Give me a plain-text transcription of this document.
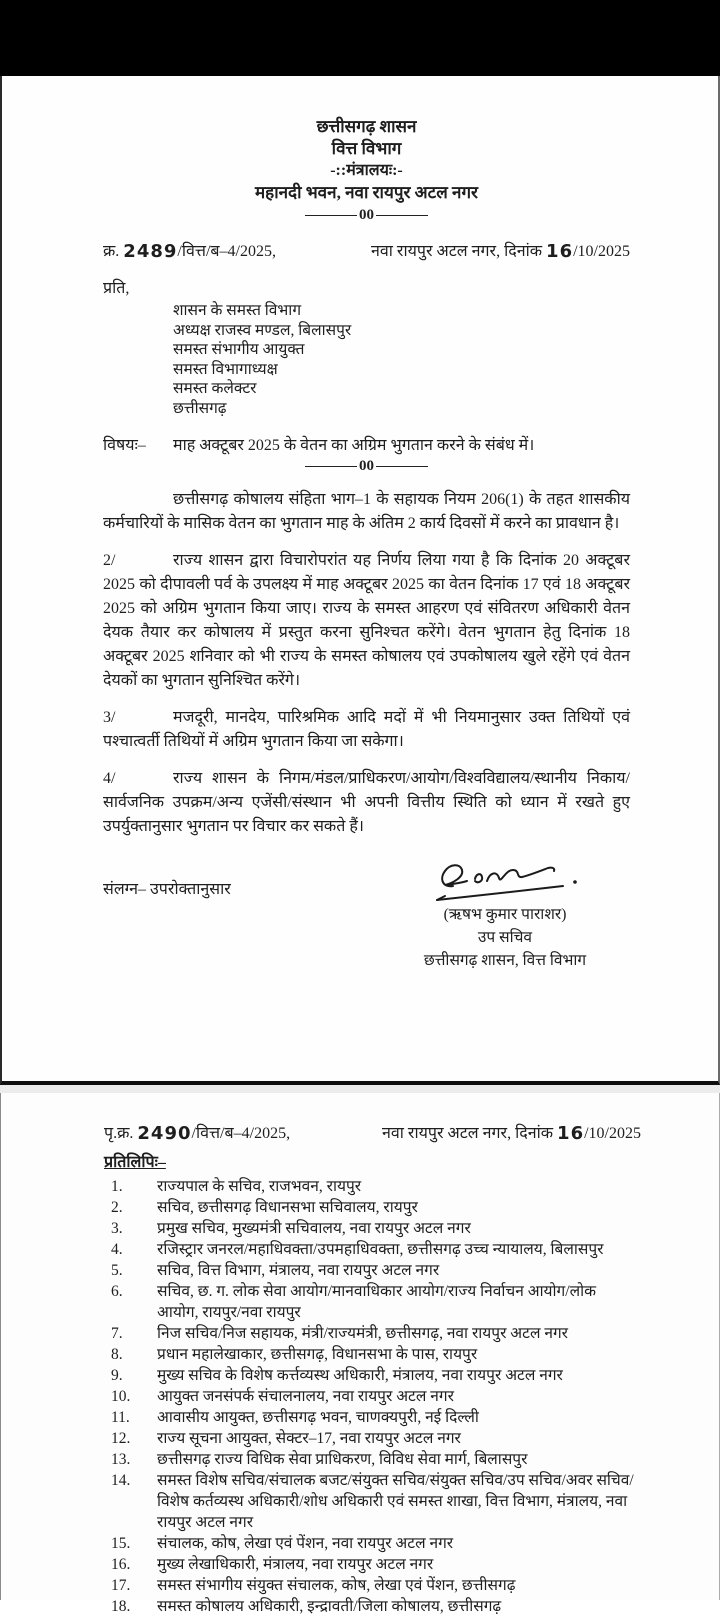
छत्तीसगढ़ शासन
वित्त विभाग
-::मंत्रालयः:-
महानदी भवन, नवा रायपुर अटल नगर
00
क्र. 2489/वित्त/ब–4/2025,	नवा रायपुर अटल नगर, दिनांक 16/10/2025
प्रति,
शासन के समस्त विभाग
अध्यक्ष राजस्व मण्डल, बिलासपुर
समस्त संभागीय आयुक्त
समस्त विभागाध्यक्ष
समस्त कलेक्टर
छत्तीसगढ़
विषयः–	माह अक्टूबर 2025 के वेतन का अग्रिम भुगतान करने के संबंध में।
00
छत्तीसगढ़ कोषालय संहिता भाग–1 के सहायक नियम 206(1) के तहत शासकीय कर्मचारियों के मासिक वेतन का भुगतान माह के अंतिम 2 कार्य दिवसों में करने का प्रावधान है।
2/	राज्य शासन द्वारा विचारोपरांत यह निर्णय लिया गया है कि दिनांक 20 अक्टूबर 2025 को दीपावली पर्व के उपलक्ष्य में माह अक्टूबर 2025 का वेतन दिनांक 17 एवं 18 अक्टूबर 2025 को अग्रिम भुगतान किया जाए। राज्य के समस्त आहरण एवं संवितरण अधिकारी वेतन देयक तैयार कर कोषालय में प्रस्तुत करना सुनिश्चत करेंगे। वेतन भुगतान हेतु दिनांक 18 अक्टूबर 2025 शनिवार को भी राज्य के समस्त कोषालय एवं उपकोषालय खुले रहेंगे एवं वेतन देयकों का भुगतान सुनिश्चित करेंगे।
3/	मजदूरी, मानदेय, पारिश्रमिक आदि मदों में भी नियमानुसार उक्त तिथियों एवं पश्चात्वर्ती तिथियों में अग्रिम भुगतान किया जा सकेगा।
4/	राज्य शासन के निगम/मंडल/प्राधिकरण/आयोग/विश्वविद्यालय/स्थानीय निकाय/सार्वजनिक उपक्रम/अन्य एजेंसी/संस्थान भी अपनी वित्तीय स्थिति को ध्यान में रखते हुए उपर्युक्तानुसार भुगतान पर विचार कर सकते हैं।
संलग्न– उपरोक्तानुसार
(ऋषभ कुमार पाराशर)
उप सचिव
छत्तीसगढ़ शासन, वित्त विभाग
पृ.क्र. 2490/वित्त/ब–4/2025,	नवा रायपुर अटल नगर, दिनांक 16/10/2025
प्रतिलिपिः–
1.	राज्यपाल के सचिव, राजभवन, रायपुर
2.	सचिव, छत्तीसगढ़ विधानसभा सचिवालय, रायपुर
3.	प्रमुख सचिव, मुख्यमंत्री सचिवालय, नवा रायपुर अटल नगर
4.	रजिस्ट्रार जनरल/महाधिवक्ता/उपमहाधिवक्ता, छत्तीसगढ़ उच्च न्यायालय, बिलासपुर
5.	सचिव, वित्त विभाग, मंत्रालय, नवा रायपुर अटल नगर
6.	सचिव, छ. ग. लोक सेवा आयोग/मानवाधिकार आयोग/राज्य निर्वाचन आयोग/लोक आयोग, रायपुर/नवा रायपुर
7.	निज सचिव/निज सहायक, मंत्री/राज्यमंत्री, छत्तीसगढ़, नवा रायपुर अटल नगर
8.	प्रधान महालेखाकार, छत्तीसगढ़, विधानसभा के पास, रायपुर
9.	मुख्य सचिव के विशेष कर्त्तव्यस्थ अधिकारी, मंत्रालय, नवा रायपुर अटल नगर
10.	आयुक्त जनसंपर्क संचालनालय, नवा रायपुर अटल नगर
11.	आवासीय आयुक्त, छत्तीसगढ़ भवन, चाणक्यपुरी, नई दिल्ली
12.	राज्य सूचना आयुक्त, सेक्टर–17, नवा रायपुर अटल नगर
13.	छत्तीसगढ़ राज्य विधिक सेवा प्राधिकरण, विविध सेवा मार्ग, बिलासपुर
14.	समस्त विशेष सचिव/संचालक बजट/संयुक्त सचिव/संयुक्त सचिव/उप सचिव/अवर सचिव/विशेष कर्तव्यस्थ अधिकारी/शोध अधिकारी एवं समस्त शाखा, वित्त विभाग, मंत्रालय, नवा रायपुर अटल नगर
15.	संचालक, कोष, लेखा एवं पेंशन, नवा रायपुर अटल नगर
16.	मुख्य लेखाधिकारी, मंत्रालय, नवा रायपुर अटल नगर
17.	समस्त संभागीय संयुक्त संचालक, कोष, लेखा एवं पेंशन, छत्तीसगढ़
18.	समस्त कोषालय अधिकारी, इन्द्रावती/जिला कोषालय, छत्तीसगढ़
